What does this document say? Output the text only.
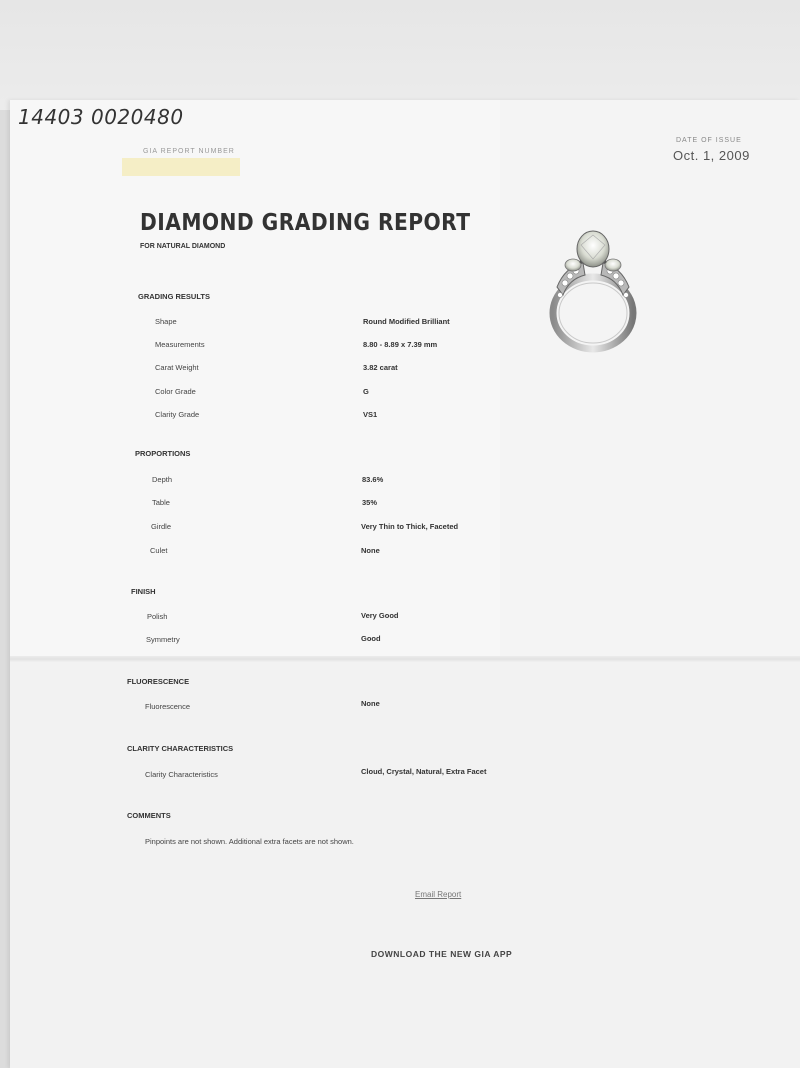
14403 0020480
GIA REPORT NUMBER
DATE OF ISSUE
Oct. 1, 2009
DIAMOND GRADING REPORT
FOR NATURAL DIAMOND
GRADING RESULTS
Shape	Round Modified Brilliant
Measurements	8.80 - 8.89 x 7.39 mm
Carat Weight	3.82 carat
Color Grade	G
Clarity Grade	VS1
PROPORTIONS
Depth	83.6%
Table	35%
Girdle	Very Thin to Thick, Faceted
Culet	None
FINISH
Polish	Very Good
Symmetry	Good
FLUORESCENCE
Fluorescence	None
CLARITY CHARACTERISTICS
Clarity Characteristics	Cloud, Crystal, Natural, Extra Facet
COMMENTS
Pinpoints are not shown. Additional extra facets are not shown.
Email Report
DOWNLOAD THE NEW GIA APP
